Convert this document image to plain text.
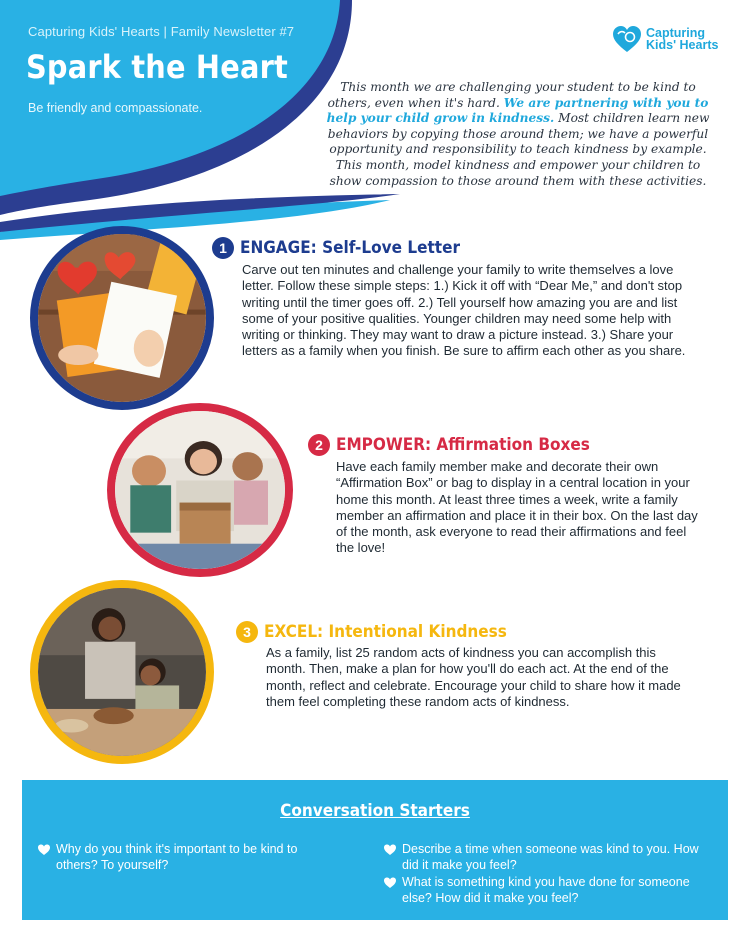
Capturing Kids' Hearts | Family Newsletter #7
Spark the Heart
Be friendly and compassionate.
Capturing
Kids' Hearts
This month we are challenging your student to be kind to others, even when it's hard. We are partnering with you to help your child grow in kindness. Most children learn new behaviors by copying those around them; we have a powerful opportunity and responsibility to teach kindness by example. This month, model kindness and empower your children to show compassion to those around them with these activities.
1 ENGAGE: Self-Love Letter
Carve out ten minutes and challenge your family to write themselves a love letter. Follow these simple steps: 1.) Kick it off with “Dear Me,” and don't stop writing until the timer goes off. 2.) Tell yourself how amazing you are and list some of your positive qualities. Younger children may need some help with writing or thinking. They may want to draw a picture instead. 3.) Share your letters as a family when you finish. Be sure to affirm each other as you share.
2 EMPOWER: Affirmation Boxes
Have each family member make and decorate their own “Affirmation Box” or bag to display in a central location in your home this month. At least three times a week, write a family member an affirmation and place it in their box. On the last day of the month, ask everyone to read their affirmations and feel the love!
3 EXCEL: Intentional Kindness
As a family, list 25 random acts of kindness you can accomplish this month. Then, make a plan for how you'll do each act. At the end of the month, reflect and celebrate. Encourage your child to share how it made them feel completing these random acts of kindness.
Conversation Starters
Why do you think it's important to be kind to others? To yourself?
Describe a time when someone was kind to you. How did it make you feel?
What is something kind you have done for someone else? How did it make you feel?
